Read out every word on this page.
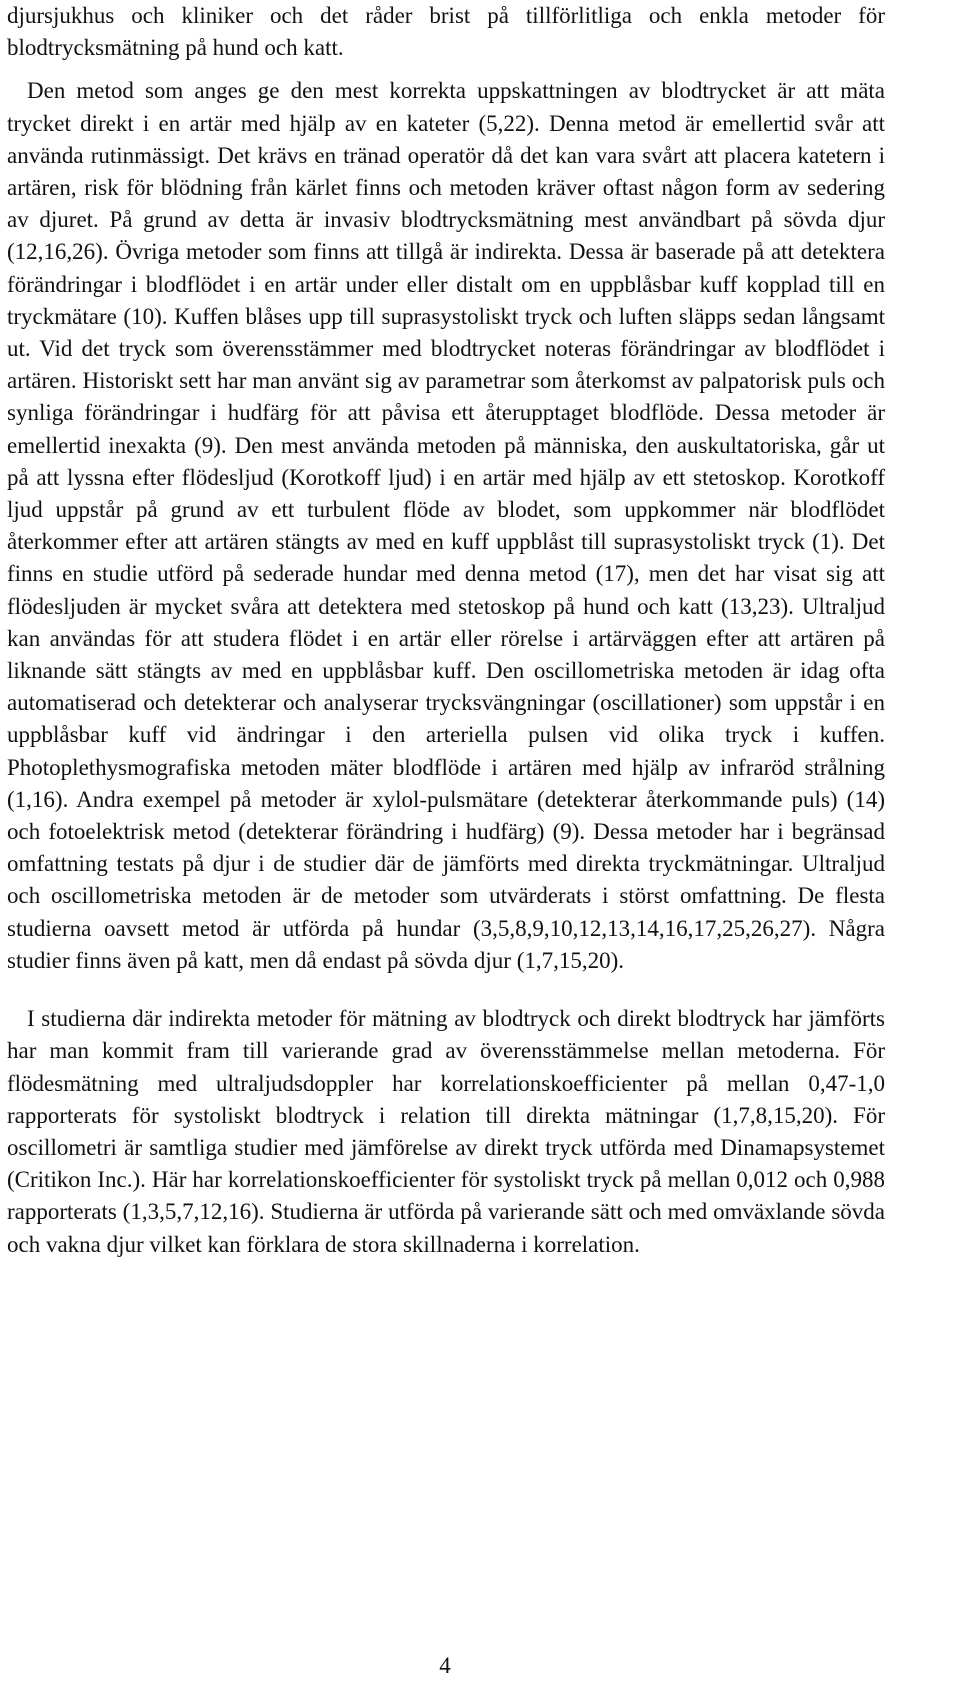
djursjukhus och kliniker och det råder brist på tillförlitliga och enkla metoder för blodtrycksmätning på hund och katt.

Den metod som anges ge den mest korrekta uppskattningen av blodtrycket är att mäta trycket direkt i en artär med hjälp av en kateter (5,22). Denna metod är emellertid svår att använda rutinmässigt. Det krävs en tränad operatör då det kan vara svårt att placera katetern i artären, risk för blödning från kärlet finns och metoden kräver oftast någon form av sedering av djuret. På grund av detta är invasiv blodtrycksmätning mest användbart på sövda djur (12,16,26). Övriga metoder som finns att tillgå är indirekta. Dessa är baserade på att detektera förändringar i blodflödet i en artär under eller distalt om en uppblåsbar kuff kopplad till en tryckmätare (10). Kuffen blåses upp till suprasystoliskt tryck och luften släpps sedan långsamt ut. Vid det tryck som överensstämmer med blodtrycket noteras förändringar av blodflödet i artären. Historiskt sett har man använt sig av parametrar som återkomst av palpatorisk puls och synliga förändringar i hudfärg för att påvisa ett återupptaget blodflöde. Dessa metoder är emellertid inexakta (9). Den mest använda metoden på människa, den auskultatoriska, går ut på att lyssna efter flödesljud (Korotkoff ljud) i en artär med hjälp av ett stetoskop. Korotkoff ljud uppstår på grund av ett turbulent flöde av blodet, som uppkommer när blodflödet återkommer efter att artären stängts av med en kuff uppblåst till suprasystoliskt tryck (1). Det finns en studie utförd på sederade hundar med denna metod (17), men det har visat sig att flödesljuden är mycket svåra att detektera med stetoskop på hund och katt (13,23). Ultraljud kan användas för att studera flödet i en artär eller rörelse i artärväggen efter att artären på liknande sätt stängts av med en uppblåsbar kuff. Den oscillometriska metoden är idag ofta automatiserad och detekterar och analyserar trycksvängningar (oscillationer) som uppstår i en uppblåsbar kuff vid ändringar i den arteriella pulsen vid olika tryck i kuffen. Photoplethysmografiska metoden mäter blodflöde i artären med hjälp av infraröd strålning (1,16). Andra exempel på metoder är xylol-pulsmätare (detekterar återkommande puls) (14) och fotoelektrisk metod (detekterar förändring i hudfärg) (9). Dessa metoder har i begränsad omfattning testats på djur i de studier där de jämförts med direkta tryckmätningar. Ultraljud och oscillometriska metoden är de metoder som utvärderats i störst omfattning. De flesta studierna oavsett metod är utförda på hundar (3,5,8,9,10,12,13,14,16,17,25,26,27). Några studier finns även på katt, men då endast på sövda djur (1,7,15,20).

I studierna där indirekta metoder för mätning av blodtryck och direkt blodtryck har jämförts har man kommit fram till varierande grad av överensstämmelse mellan metoderna. För flödesmätning med ultraljudsdoppler har korrelationskoefficienter på mellan 0,47-1,0 rapporterats för systoliskt blodtryck i relation till direkta mätningar (1,7,8,15,20). För oscillometri är samtliga studier med jämförelse av direkt tryck utförda med Dinamapsystemet (Critikon Inc.). Här har korrelationskoefficienter för systoliskt tryck på mellan 0,012 och 0,988 rapporterats (1,3,5,7,12,16). Studierna är utförda på varierande sätt och med omväxlande sövda och vakna djur vilket kan förklara de stora skillnaderna i korrelation.

4
